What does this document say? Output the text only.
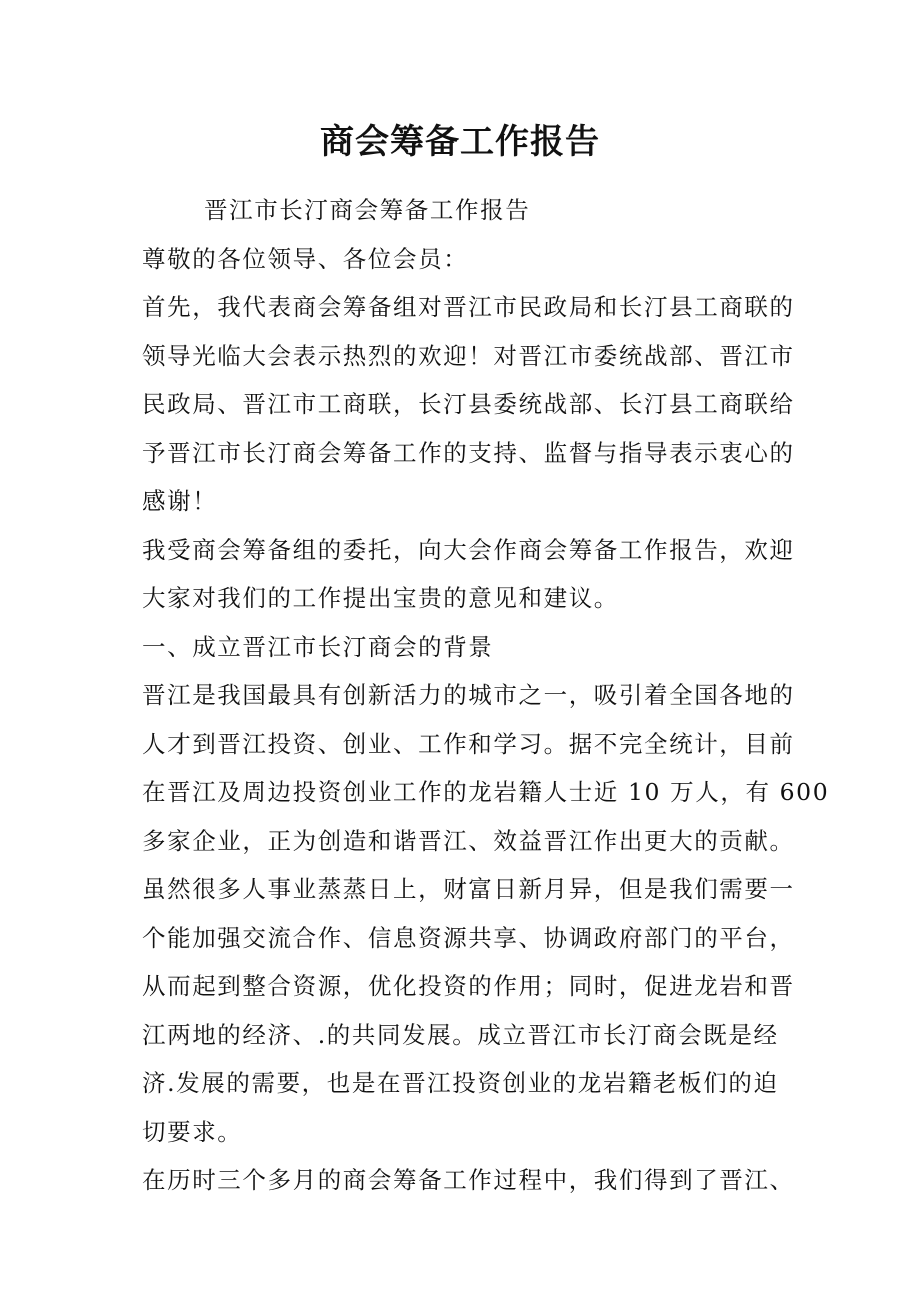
商会筹备工作报告
晋江市长汀商会筹备工作报告
尊敬的各位领导、各位会员：
首先，我代表商会筹备组对晋江市民政局和长汀县工商联的
领导光临大会表示热烈的欢迎！对晋江市委统战部、晋江市
民政局、晋江市工商联，长汀县委统战部、长汀县工商联给
予晋江市长汀商会筹备工作的支持、监督与指导表示衷心的
感谢！
我受商会筹备组的委托，向大会作商会筹备工作报告，欢迎
大家对我们的工作提出宝贵的意见和建议。
一、成立晋江市长汀商会的背景
晋江是我国最具有创新活力的城市之一，吸引着全国各地的
人才到晋江投资、创业、工作和学习。据不完全统计，目前
在晋江及周边投资创业工作的龙岩籍人士近 10 万人，有 600
多家企业，正为创造和谐晋江、效益晋江作出更大的贡献。
虽然很多人事业蒸蒸日上，财富日新月异，但是我们需要一
个能加强交流合作、信息资源共享、协调政府部门的平台，
从而起到整合资源，优化投资的作用；同时，促进龙岩和晋
江两地的经济、.的共同发展。成立晋江市长汀商会既是经
济.发展的需要，也是在晋江投资创业的龙岩籍老板们的迫
切要求。
在历时三个多月的商会筹备工作过程中，我们得到了晋江、
